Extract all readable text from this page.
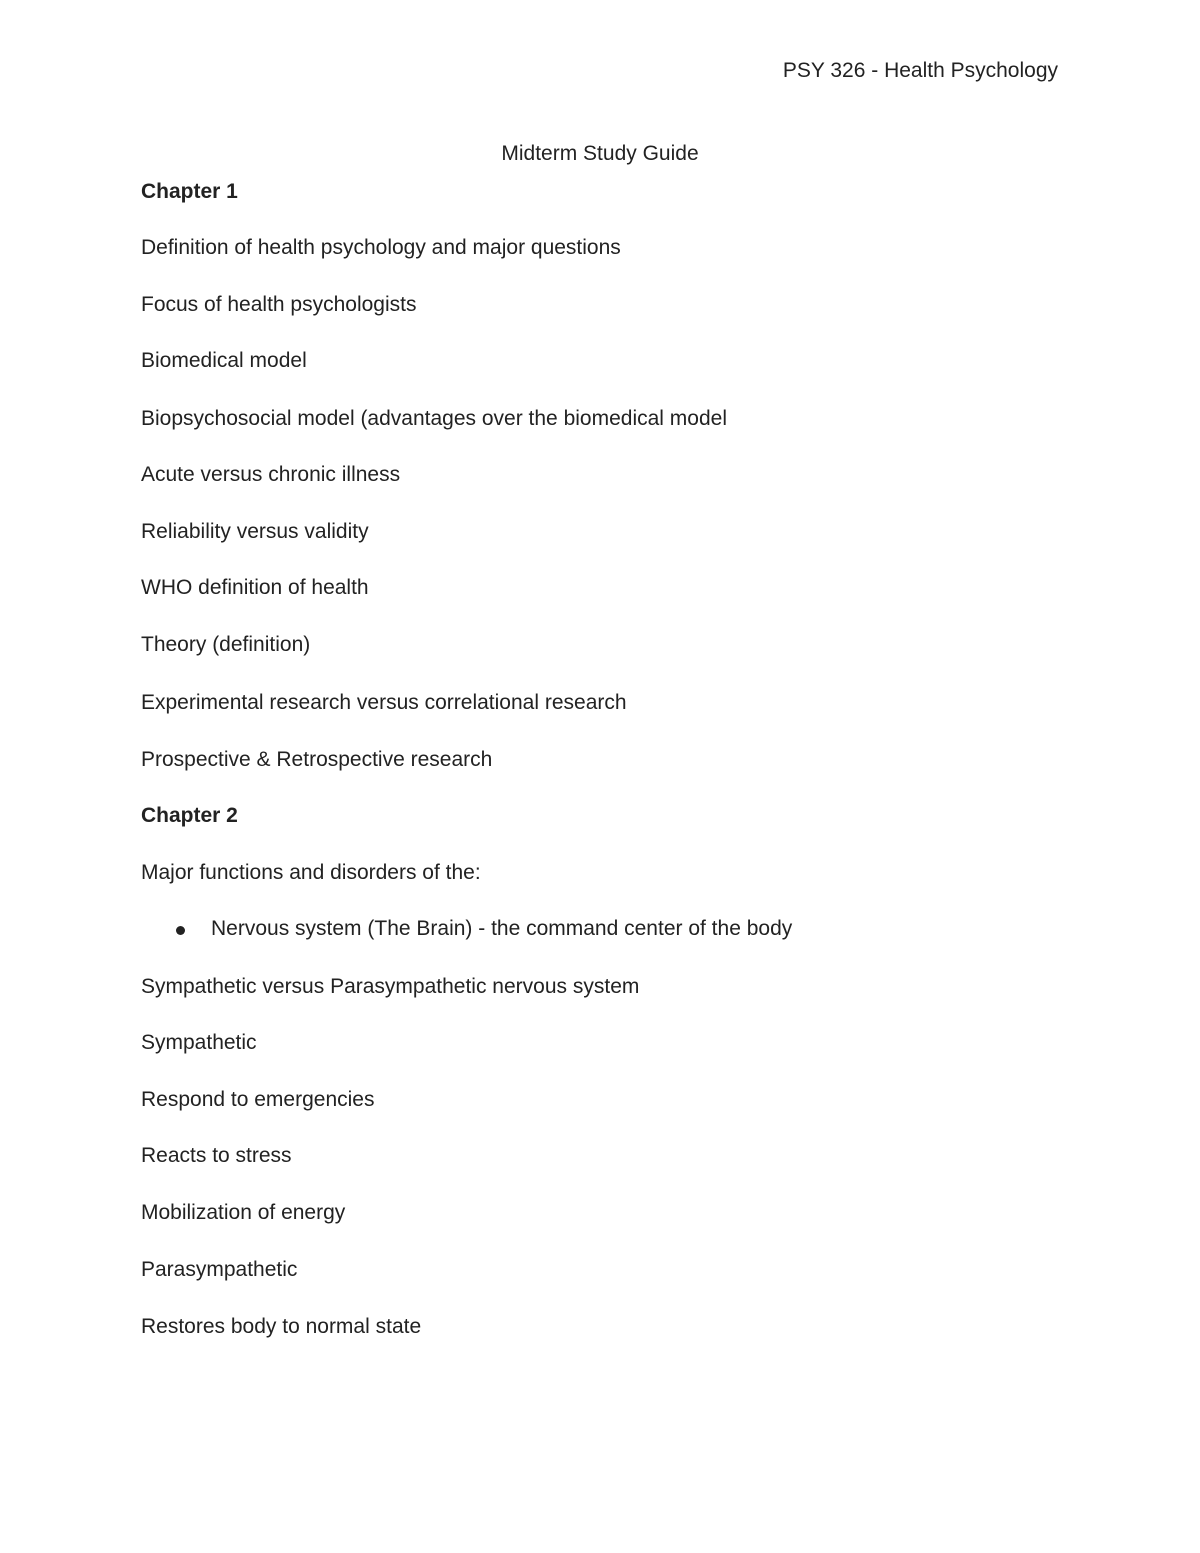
PSY 326 - Health Psychology
Midterm Study Guide
Chapter 1
Definition of health psychology and major questions
Focus of health psychologists
Biomedical model
Biopsychosocial model (advantages over the biomedical model
Acute versus chronic illness
Reliability versus validity
WHO definition of health
Theory (definition)
Experimental research versus correlational research
Prospective & Retrospective research
Chapter 2
Major functions and disorders of the:
Nervous system (The Brain) - the command center of the body
Sympathetic versus Parasympathetic nervous system
Sympathetic
Respond to emergencies
Reacts to stress
Mobilization of energy
Parasympathetic
Restores body to normal state
